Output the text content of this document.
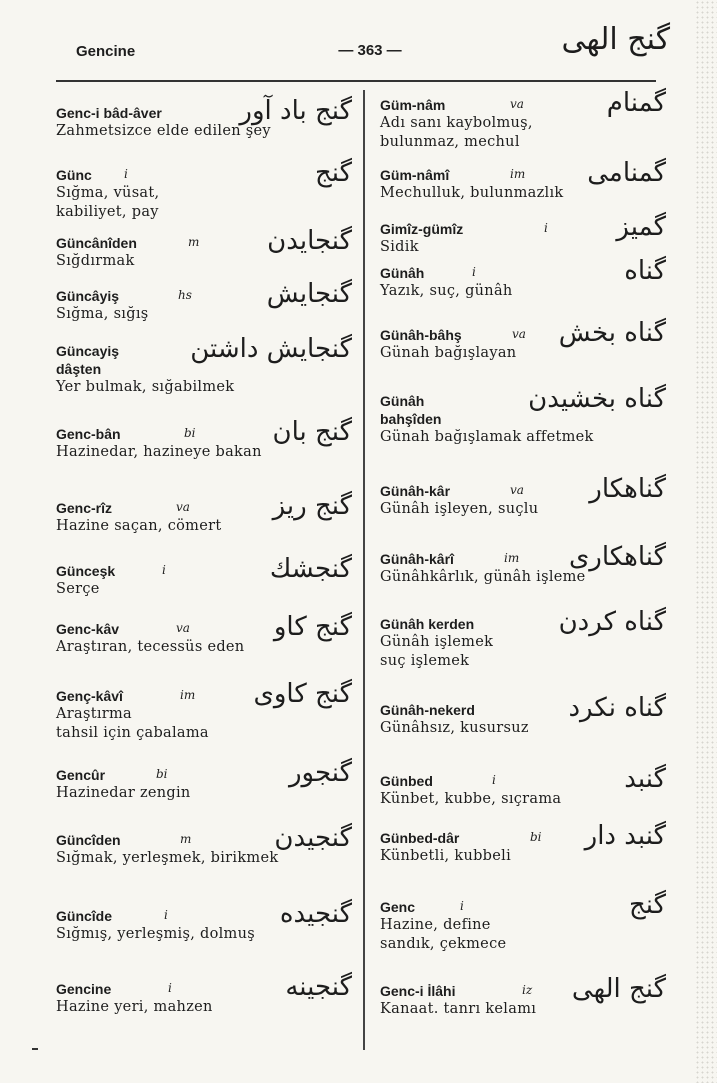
Gencine	— 363 —	گنج الهى
Genc-i bâd-âver	گنج باد آور
Zahmetsizce elde edilen şey
Günc	i	گنج
Sığma, vüsat,
kabiliyet, pay
Güncânîden	m	گنجايدن
Sığdırmak
Güncâyiş	hs	گنجايش
Sığma, sığış
Güncayiş
dâşten
گنجايش داشتن
Yer bulmak, sığabilmek
Genc-bân	bi	گنج بان
Hazinedar, hazineye bakan
Genc-rîz	va	گنج ريز
Hazine saçan, cömert
Günceşk	i	گنجشك
Serçe
Genc-kâv	va	گنج كاو
Araştıran, tecessüs eden
Genç-kâvî	im گنج كاوى
Araştırma
tahsil için çabalama
Gencûr	bi	گنجور
Hazinedar zengin
Güncîden	m	گنجيدن
Sığmak, yerleşmek, birikmek
Güncîde	i	گنجيده
Sığmış, yerleşmiş, dolmuş
Gencine	i	گنجينه
Hazine yeri, mahzen
Güm-nâm	va	گمنام
Adı sanı kaybolmuş,
bulunmaz, mechul
Güm-nâmî	im گمنامى
Mechulluk, bulunmazlık
Gimîz-gümîz	i	گميز
Sidik
Günâh	i	گناه
Yazık, suç, günâh
Günâh-bâhş	va گناه بخش
Günah bağışlayan
Günâh
bahşîden
گناه بخشيدن
Günah bağışlamak affetmek
Günâh-kâr	va	گناهكار
Günâh işleyen, suçlu
Günâh-kârî	im گناهكارى
Günâhkârlık, günâh işleme
Günâh kerden	گناه كردن
Günâh işlemek
suç işlemek
Günâh-nekerd	گناه نكرد
Günâhsız, kusursuz
Günbed	i	گنبد
Künbet, kubbe, sıçrama
Günbed-dâr	bi گنبد دار
Künbetli, kubbeli
Genc	i	گنج
Hazine, define
sandık, çekmece
Genc-i İlâhi	iz گنج الهى
Kanaat. tanrı kelamı
